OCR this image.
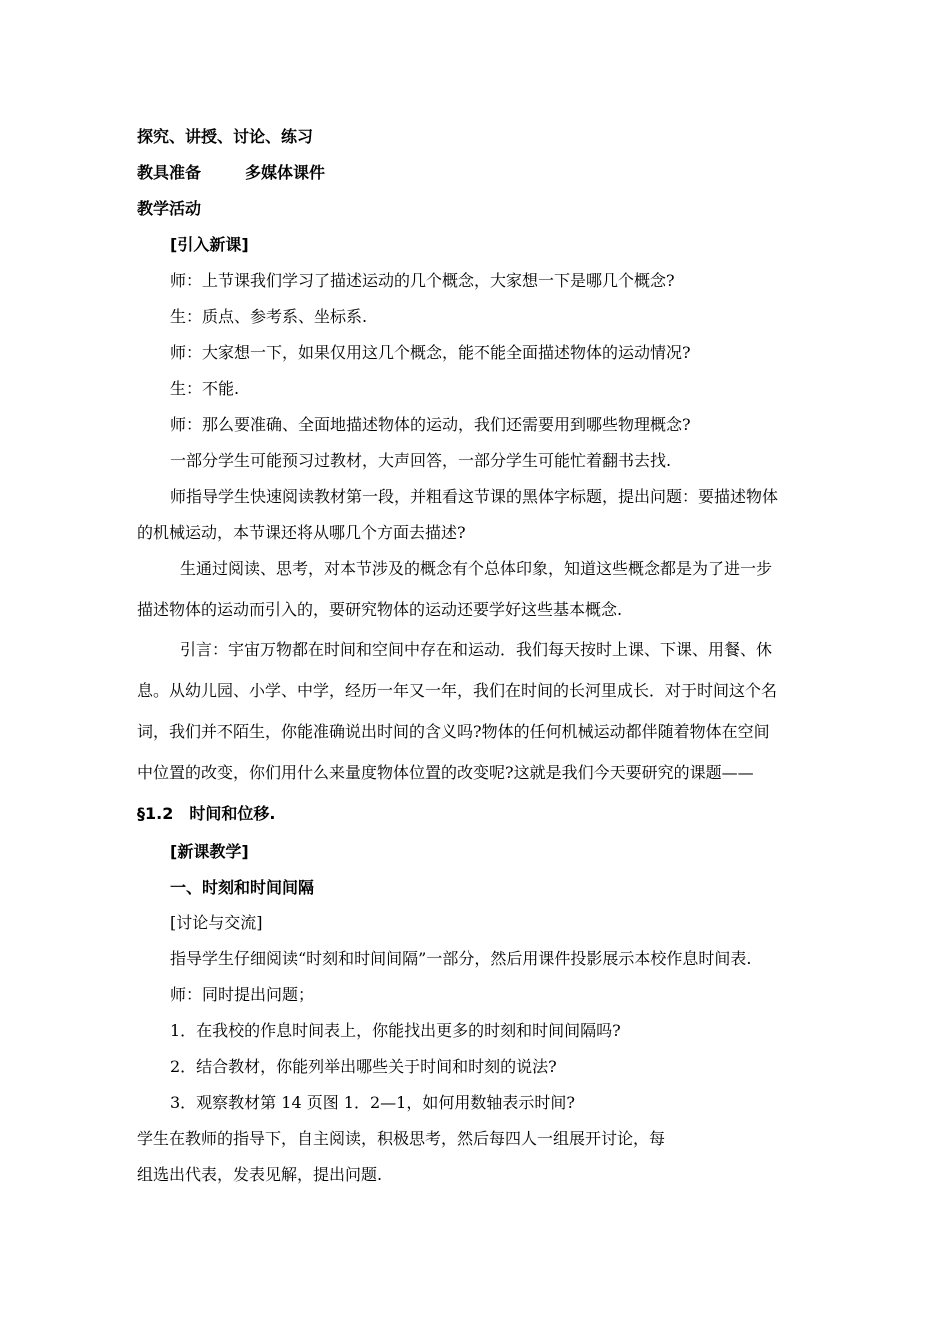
探究、讲授、讨论、练习
教具准备	多媒体课件
教学活动
[引入新课]
师：上节课我们学习了描述运动的几个概念，大家想一下是哪几个概念?
生：质点、参考系、坐标系.
师：大家想一下，如果仅用这几个概念，能不能全面描述物体的运动情况?
生：不能.
师：那么要准确、全面地描述物体的运动，我们还需要用到哪些物理概念?
一部分学生可能预习过教材，大声回答，一部分学生可能忙着翻书去找.
师指导学生快速阅读教材第一段，并粗看这节课的黑体字标题，提出问题：要描述物体
的机械运动，本节课还将从哪几个方面去描述?
生通过阅读、思考，对本节涉及的概念有个总体印象，知道这些概念都是为了进一步
描述物体的运动而引入的，要研究物体的运动还要学好这些基本概念.
引言：宇宙万物都在时间和空间中存在和运动．我们每天按时上课、下课、用餐、休
息。从幼儿园、小学、中学，经历一年又一年，我们在时间的长河里成长．对于时间这个名
词，我们并不陌生，你能准确说出时间的含义吗?物体的任何机械运动都伴随着物体在空间
中位置的改变，你们用什么来量度物体位置的改变呢?这就是我们今天要研究的课题——
§1.2　时间和位移.
[新课教学]
一、时刻和时间间隔
[讨论与交流]
指导学生仔细阅读“时刻和时间间隔”一部分，然后用课件投影展示本校作息时间表.
师：同时提出问题；
1．在我校的作息时间表上，你能找出更多的时刻和时间间隔吗?
2．结合教材，你能列举出哪些关于时间和时刻的说法?
3．观察教材第 14 页图 1．2—1，如何用数轴表示时间?
学生在教师的指导下，自主阅读，积极思考，然后每四人一组展开讨论，每
组选出代表，发表见解，提出问题.
